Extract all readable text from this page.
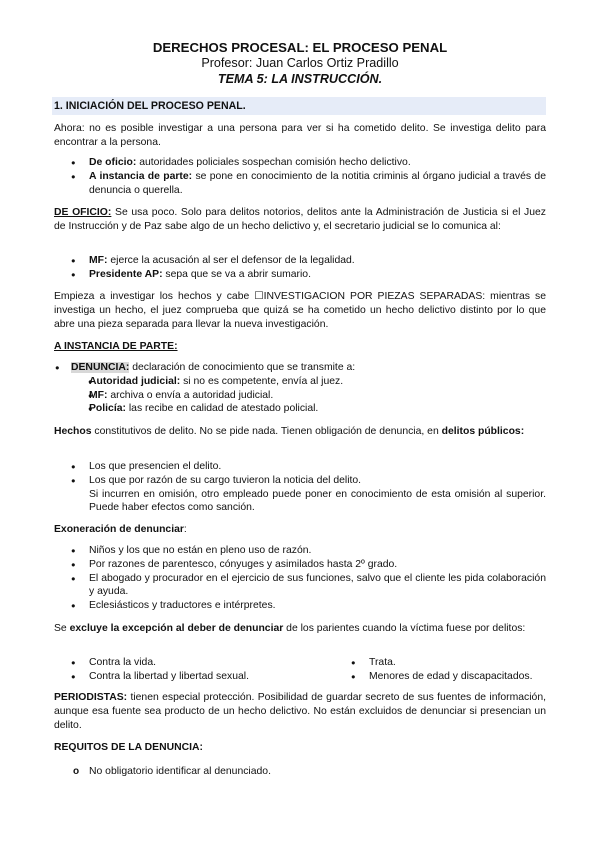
DERECHOS PROCESAL: EL PROCESO PENAL
Profesor: Juan Carlos Ortiz Pradillo
TEMA 5: LA INSTRUCCIÓN.
1. INICIACIÓN DEL PROCESO PENAL.
Ahora: no es posible investigar a una persona para ver si ha cometido delito. Se investiga delito para encontrar a la persona.
● De oficio: autoridades policiales sospechan comisión hecho delictivo.
● A instancia de parte: se pone en conocimiento de la notitia criminis al órgano judicial a través de denuncia o querella.
DE OFICIO: Se usa poco. Solo para delitos notorios, delitos ante la Administración de Justicia si el Juez de Instrucción y de Paz sabe algo de un hecho delictivo y, el secretario judicial se lo comunica al:
● MF: ejerce la acusación al ser el defensor de la legalidad.
● Presidente AP: sepa que se va a abrir sumario.
Empieza a investigar los hechos y cabe ☐INVESTIGACION POR PIEZAS SEPARADAS: mientras se investiga un hecho, el juez comprueba que quizá se ha cometido un hecho delictivo distinto por lo que abre una pieza separada para llevar la nueva investigación.
A INSTANCIA DE PARTE:
● DENUNCIA: declaración de conocimiento que se transmite a:
● Autoridad judicial: si no es competente, envía al juez.
● MF: archiva o envía a autoridad judicial.
● Policía: las recibe en calidad de atestado policial.
Hechos constitutivos de delito. No se pide nada. Tienen obligación de denuncia, en delitos públicos:
● Los que presencien el delito.
● Los que por razón de su cargo tuvieron la noticia del delito.
Si incurren en omisión, otro empleado puede poner en conocimiento de esta omisión al superior. Puede haber efectos como sanción.
Exoneración de denunciar:
● Niños y los que no están en pleno uso de razón.
● Por razones de parentesco, cónyuges y asimilados hasta 2º grado.
● El abogado y procurador en el ejercicio de sus funciones, salvo que el cliente les pida colaboración y ayuda.
● Eclesiásticos y traductores e intérpretes.
Se excluye la excepción al deber de denunciar de los parientes cuando la víctima fuese por delitos:
● Contra la vida.
● Contra la libertad y libertad sexual.
● Trata.
● Menores de edad y discapacitados.
PERIODISTAS: tienen especial protección. Posibilidad de guardar secreto de sus fuentes de información, aunque esa fuente sea producto de un hecho delictivo. No están excluidos de denunciar si presencian un delito.
REQUITOS DE LA DENUNCIA:
o No obligatorio identificar al denunciado.
